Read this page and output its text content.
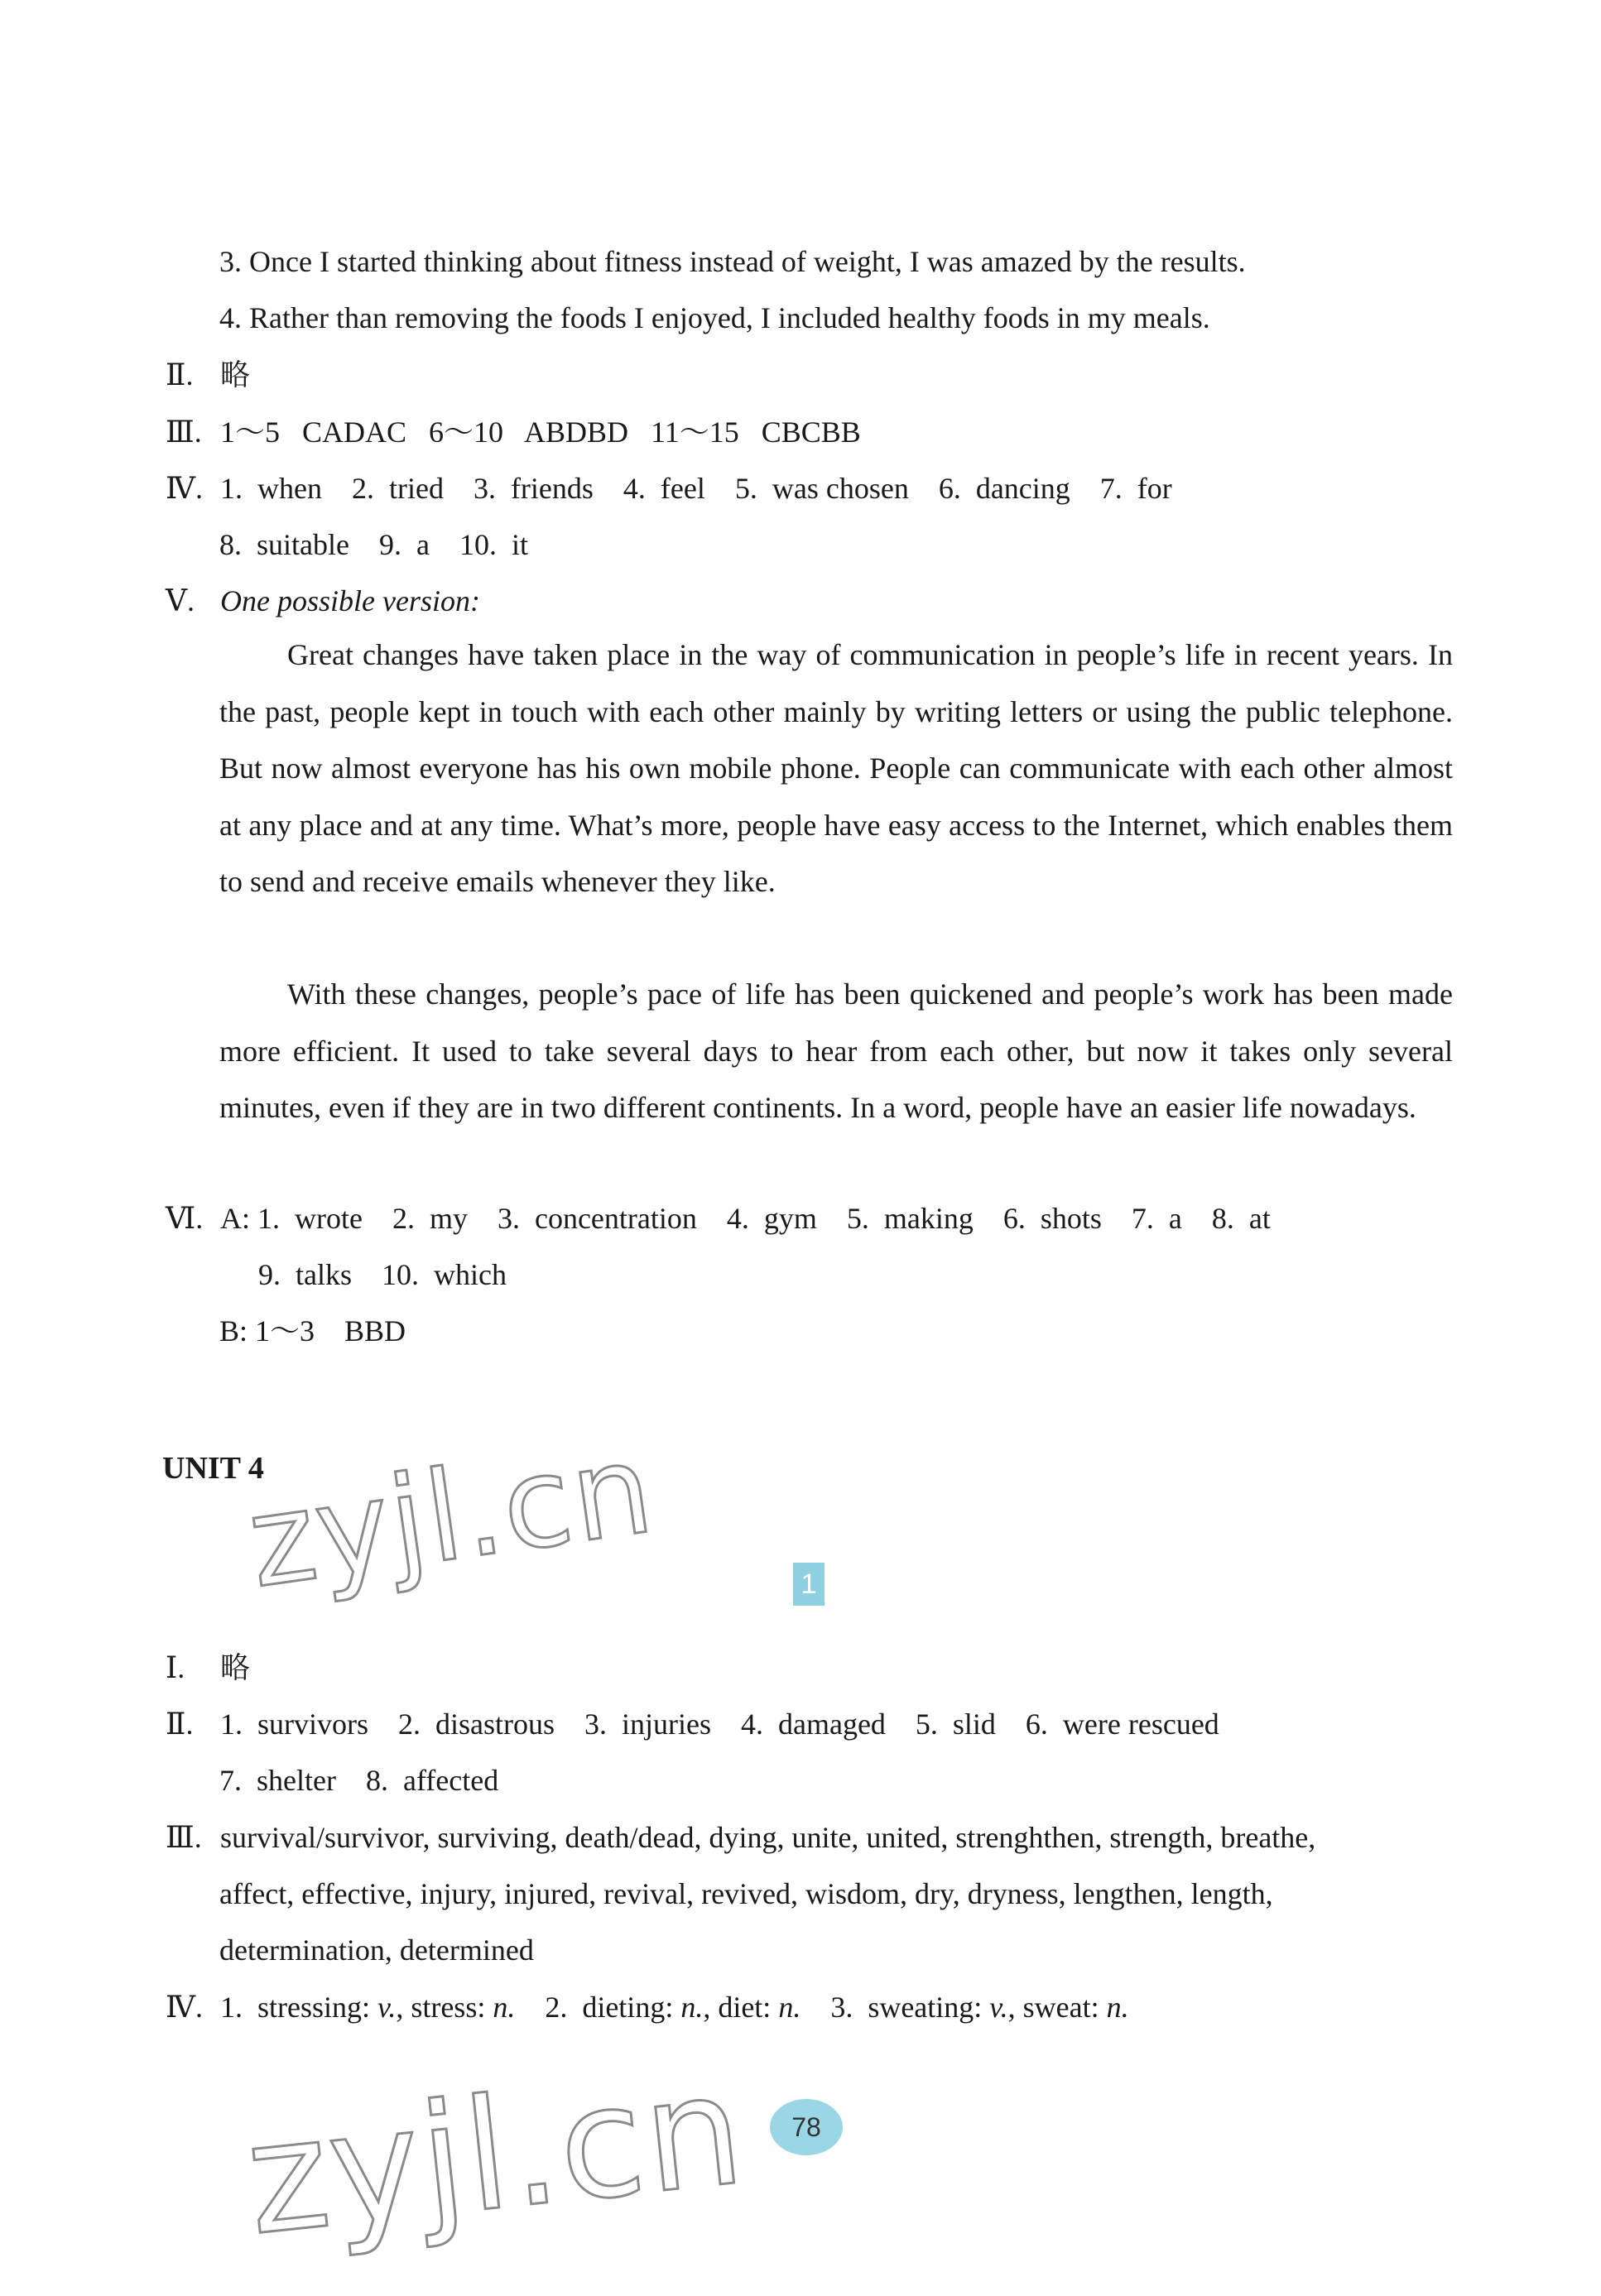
3. Once I started thinking about fitness instead of weight, I was amazed by the results.

4. Rather than removing the foods I enjoyed, I included healthy foods in my meals.

Ⅱ. 略

Ⅲ. 1～5   CADAC   6～10   ABDBD   11～15   CBCBB

Ⅳ. 1.  when    2.  tried    3.  friends    4.  feel    5.  was chosen    6.  dancing    7.  for

8.  suitable    9.  a    10.  it

Ⅴ. One possible version:

Great changes have taken place in the way of communication in people’s life in recent years. In the past, people kept in touch with each other mainly by writing letters or using the public telephone. But now almost everyone has his own mobile phone. People can communicate with each other almost at any place and at any time. What’s more, people have easy access to the Internet, which enables them to send and receive emails whenever they like.

With these changes, people’s pace of life has been quickened and people’s work has been made more efficient. It used to take several days to hear from each other, but now it takes only several minutes, even if they are in two different continents. In a word, people have an easier life nowadays.

Ⅵ. A: 1.  wrote    2.  my    3.  concentration    4.  gym    5.  making    6.  shots    7.  a    8.  at

9.  talks    10.  which

B: 1～3    BBD

UNIT 4
zyjl.cn	1

Ⅰ. 略

Ⅱ. 1.  survivors    2.  disastrous    3.  injuries    4.  damaged    5.  slid    6.  were rescued

7.  shelter    8.  affected

Ⅲ. survival/survivor, surviving, death/dead, dying, unite, united, strenghthen, strength, breathe,

affect, effective, injury, injured, revival, revived, wisdom, dry, dryness, lengthen, length,

determination, determined

Ⅳ. 1.  stressing: v., stress: n.    2.  dieting: n., diet: n.    3.  sweating: v., sweat: n.

zyjl.cn	78
